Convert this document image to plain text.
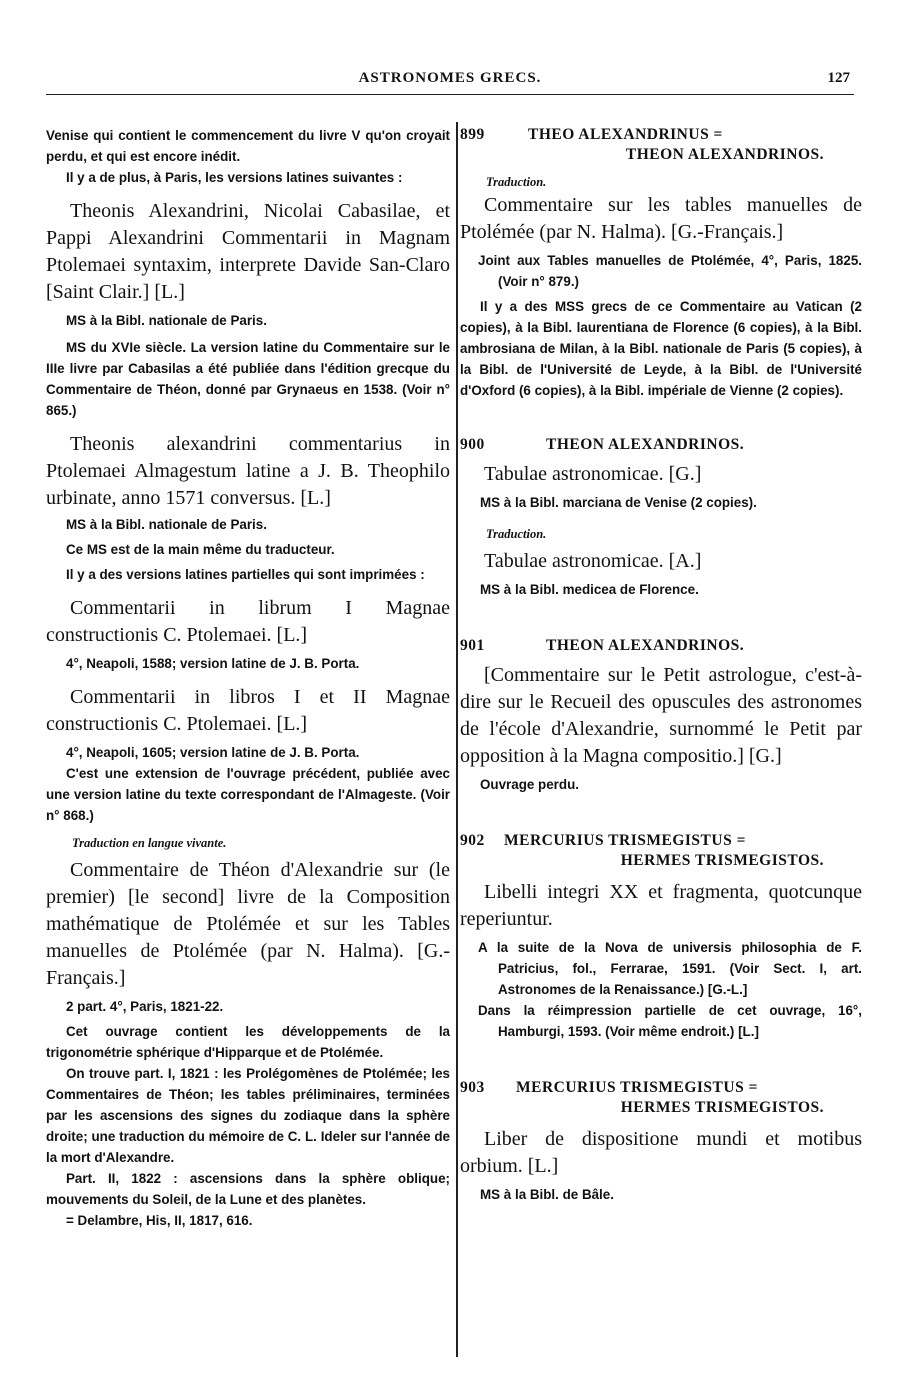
ASTRONOMES GRECS.	127

Venise qui contient le commencement du livre V qu'on croyait perdu, et qui est encore inédit.

Il y a de plus, à Paris, les versions latines suivantes :

Theonis Alexandrini, Nicolai Cabasilae, et Pappi Alexandrini Commentarii in Magnam Ptolemaei syntaxim, interprete Davide San-Claro [Saint Clair.] [L.]

MS à la Bibl. nationale de Paris.

MS du XVIe siècle. La version latine du Commentaire sur le IIIe livre par Cabasilas a été publiée dans l'édition grecque du Commentaire de Théon, donné par Grynaeus en 1538. (Voir n° 865.)

Theonis alexandrini commentarius in Ptolemaei Almagestum latine a J. B. Theophilo urbinate, anno 1571 conversus. [L.]

MS à la Bibl. nationale de Paris.

Ce MS est de la main même du traducteur.

Il y a des versions latines partielles qui sont imprimées :

Commentarii in librum I Magnae constructionis C. Ptolemaei. [L.]

4°, Neapoli, 1588; version latine de J. B. Porta.

Commentarii in libros I et II Magnae constructionis C. Ptolemaei. [L.]

4°, Neapoli, 1605; version latine de J. B. Porta.

C'est une extension de l'ouvrage précédent, publiée avec une version latine du texte correspondant de l'Almageste. (Voir n° 868.)

Traduction en langue vivante.

Commentaire de Théon d'Alexandrie sur (le premier) [le second] livre de la Composition mathématique de Ptolémée et sur les Tables manuelles de Ptolémée (par N. Halma). [G.-Français.]

2 part. 4°, Paris, 1821-22.

Cet ouvrage contient les développements de la trigonométrie sphérique d'Hipparque et de Ptolémée.

On trouve part. I, 1821 : les Prolégomènes de Ptolémée; les Commentaires de Théon; les tables préliminaires, terminées par les ascensions des signes du zodiaque dans la sphère droite; une traduction du mémoire de C. L. Ideler sur l'année de la mort d'Alexandre.

Part. II, 1822 : ascensions dans la sphère oblique; mouvements du Soleil, de la Lune et des planètes.

= Delambre, His, II, 1817, 616.

899	THEO ALEXANDRINUS =
THEON ALEXANDRINOS.

Traduction.

Commentaire sur les tables manuelles de Ptolémée (par N. Halma). [G.-Français.]

Joint aux Tables manuelles de Ptolémée, 4°, Paris, 1825. (Voir n° 879.)

Il y a des MSS grecs de ce Commentaire au Vatican (2 copies), à la Bibl. laurentiana de Florence (6 copies), à la Bibl. ambrosiana de Milan, à la Bibl. nationale de Paris (5 copies), à la Bibl. de l'Université de Leyde, à la Bibl. de l'Université d'Oxford (6 copies), à la Bibl. impériale de Vienne (2 copies).

900	THEON ALEXANDRINOS.

Tabulae astronomicae. [G.]

MS à la Bibl. marciana de Venise (2 copies).

Traduction.

Tabulae astronomicae. [A.]

MS à la Bibl. medicea de Florence.

901	THEON ALEXANDRINOS.

[Commentaire sur le Petit astrologue, c'est-à-dire sur le Recueil des opuscules des astronomes de l'école d'Alexandrie, surnommé le Petit par opposition à la Magna compositio.] [G.]

Ouvrage perdu.

902 MERCURIUS TRISMEGISTUS =
HERMES TRISMEGISTOS.

Libelli integri XX et fragmenta, quotcunque reperiuntur.

A la suite de la Nova de universis philosophia de F. Patricius, fol., Ferrarae, 1591. (Voir Sect. I, art. Astronomes de la Renaissance.) [G.-L.]

Dans la réimpression partielle de cet ouvrage, 16°, Hamburgi, 1593. (Voir même endroit.) [L.]

903 MERCURIUS TRISMEGISTUS =
HERMES TRISMEGISTOS.

Liber de dispositione mundi et motibus orbium. [L.]

MS à la Bibl. de Bâle.
